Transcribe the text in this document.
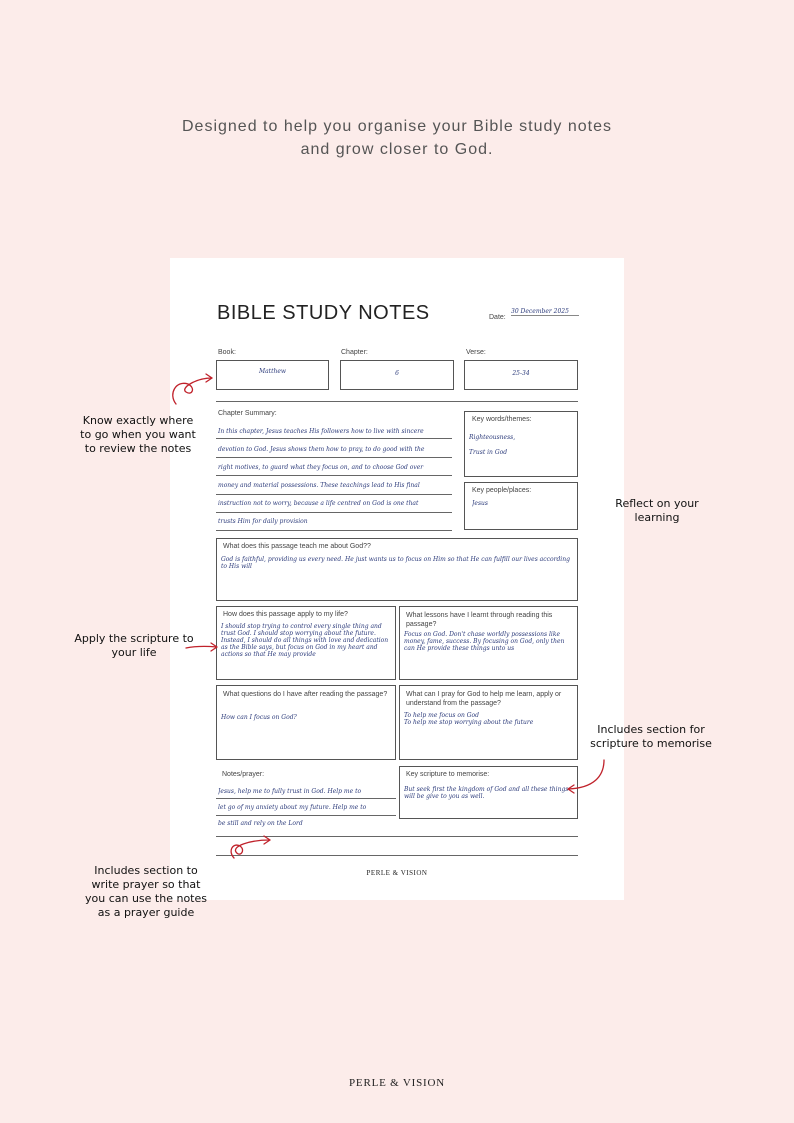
Designed to help you organise your Bible study notes
and grow closer to God.
BIBLE STUDY NOTES	Date:
30 December 2025
Book:
Matthew
Chapter:
6
Verse:
25-34
Chapter Summary:
In this chapter, Jesus teaches His followers how to live with sincere
devotion to God. Jesus shows them how to pray, to do good with the
right motives, to guard what they focus on, and to choose God over
money and material possessions. These teachings lead to His final
instruction not to worry, because a life centred on God is one that
trusts Him for daily provision
Key words/themes:
Righteousness,
Trust in God
Key people/places:
Jesus
What does this passage teach me about God??
God is faithful, providing us every need. He just wants us to focus on Him so that He can fulfill our lives according to His will
How does this passage apply to my life?
I should stop trying to control every single thing and trust God. I should stop worrying about the future. Instead, I should do all things with love and dedication as the Bible says, but focus on God in my heart and actions so that He may provide
What lessons have I learnt through reading this passage?
Focus on God. Don't chase worldly possessions like money, fame, success. By focusing on God, only then can He provide these things unto us
What questions do I have after reading the passage?
How can I focus on God?
What can I pray for God to help me learn, apply or understand from the passage?
To help me focus on God
To help me stop worrying about the future
Notes/prayer:
Jesus, help me to fully trust in God. Help me to
let go of my anxiety about my future. Help me to
be still and rely on the Lord
Key scripture to memorise:
But seek first the kingdom of God and all these things will be give to you as well.
PERLE & VISION
Know exactly where to go when you want to review the notes
Reflect on your learning
Apply the scripture to your life
Includes section for scripture to memorise
Includes section to write prayer so that you can use the notes as a prayer guide
PERLE & VISION
